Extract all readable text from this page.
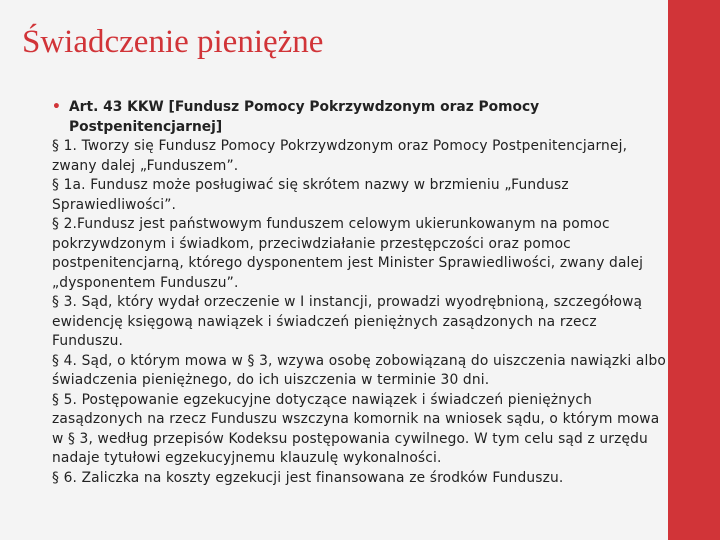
Świadczenie pieniężne
• Art. 43 KKW [Fundusz Pomocy Pokrzywdzonym oraz Pomocy Postpenitencjarnej]

§ 1. Tworzy się Fundusz Pomocy Pokrzywdzonym oraz Pomocy Postpenitencjarnej, zwany dalej „Funduszem”.

§ 1a. Fundusz może posługiwać się skrótem nazwy w brzmieniu „Fundusz Sprawiedliwości”.

§ 2.Fundusz jest państwowym funduszem celowym ukierunkowanym na pomoc pokrzywdzonym i świadkom, przeciwdziałanie przestępczości oraz pomoc postpenitencjarną, którego dysponentem jest Minister Sprawiedliwości, zwany dalej „dysponentem Funduszu”.

§ 3. Sąd, który wydał orzeczenie w I instancji, prowadzi wyodrębnioną, szczegółową ewidencję księgową nawiązek i świadczeń pieniężnych zasądzonych na rzecz Funduszu.

§ 4. Sąd, o którym mowa w § 3, wzywa osobę zobowiązaną do uiszczenia nawiązki albo świadczenia pieniężnego, do ich uiszczenia w terminie 30 dni.

§ 5. Postępowanie egzekucyjne dotyczące nawiązek i świadczeń pieniężnych zasądzonych na rzecz Funduszu wszczyna komornik na wniosek sądu, o którym mowa w § 3, według przepisów Kodeksu postępowania cywilnego. W tym celu sąd z urzędu nadaje tytułowi egzekucyjnemu klauzulę wykonalności.

§ 6. Zaliczka na koszty egzekucji jest finansowana ze środków Funduszu.
